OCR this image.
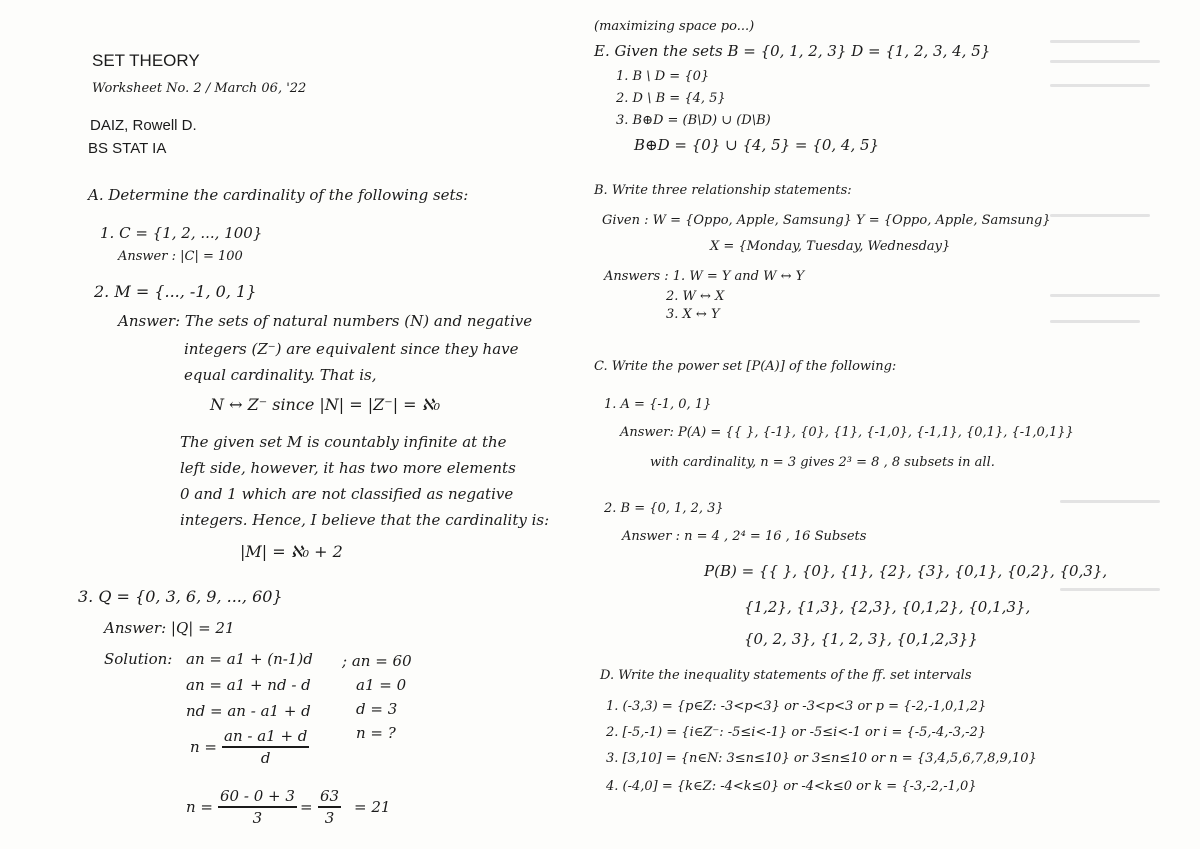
SET THEORY
Worksheet No. 2 / March 06, '22
DAIZ, Rowell D.
BS STAT IA
A. Determine the cardinality of the following sets:
1. C = {1, 2, ..., 100}
Answer : |C| = 100
2. M = {..., -1, 0, 1}
Answer: The sets of natural numbers (N) and negative
integers (Z⁻) are equivalent since they have
equal cardinality. That is,
N ↔ Z⁻ since |N| = |Z⁻| = ℵ₀
The given set M is countably infinite at the
left side, however, it has two more elements
0 and 1 which are not classified as negative
integers. Hence, I believe that the cardinality is:
|M| = ℵ₀ + 2
3. Q = {0, 3, 6, 9, ..., 60}
Answer: |Q| = 21
Solution: an = a1 + (n-1)d
an = a1 + nd - d
nd = an - a1 + d
$n = \frac{an - a1 + d}{d}$
; an = 60
a1 = 0
d = 3
n = ?
$n = \frac{60 - 0 + 3}{3} = \frac{63}{3} = 21$
(maximizing space po...)
E. Given the sets B = {0, 1, 2, 3} D = {1, 2, 3, 4, 5}
1. B \ D = {0}
2. D \ B = {4, 5}
3. B⊕D = (B\D) ∪ (D\B)
B⊕D = {0} ∪ {4, 5} = {0, 4, 5}
B. Write three relationship statements:
Given : W = {Oppo, Apple, Samsung} Y = {Oppo, Apple, Samsung}
X = {Monday, Tuesday, Wednesday}
Answers : 1. W = Y and W ↔ Y
2. W ↔ X
3. X ↔ Y
C. Write the power set [P(A)] of the following:
1. A = {-1, 0, 1}
Answer: P(A) = {{ }, {-1}, {0}, {1}, {-1,0}, {-1,1}, {0,1}, {-1,0,1}}
with cardinality, n = 3 gives 2³ = 8 , 8 subsets in all.
2. B = {0, 1, 2, 3}
Answer : n = 4 , 2⁴ = 16 , 16 Subsets
P(B) = {{ }, {0}, {1}, {2}, {3}, {0,1}, {0,2}, {0,3},
{1,2}, {1,3}, {2,3}, {0,1,2}, {0,1,3},
{0, 2, 3}, {1, 2, 3}, {0,1,2,3}}
D. Write the inequality statements of the ff. set intervals
1. (-3,3) = {p∈Z: -3<p<3} or -3<p<3 or p = {-2,-1,0,1,2}
2. [-5,-1) = {i∈Z⁻: -5≤i<-1} or -5≤i<-1 or i = {-5,-4,-3,-2}
3. [3,10] = {n∈N: 3≤n≤10} or 3≤n≤10 or n = {3,4,5,6,7,8,9,10}
4. (-4,0] = {k∈Z: -4<k≤0} or -4<k≤0 or k = {-3,-2,-1,0}
